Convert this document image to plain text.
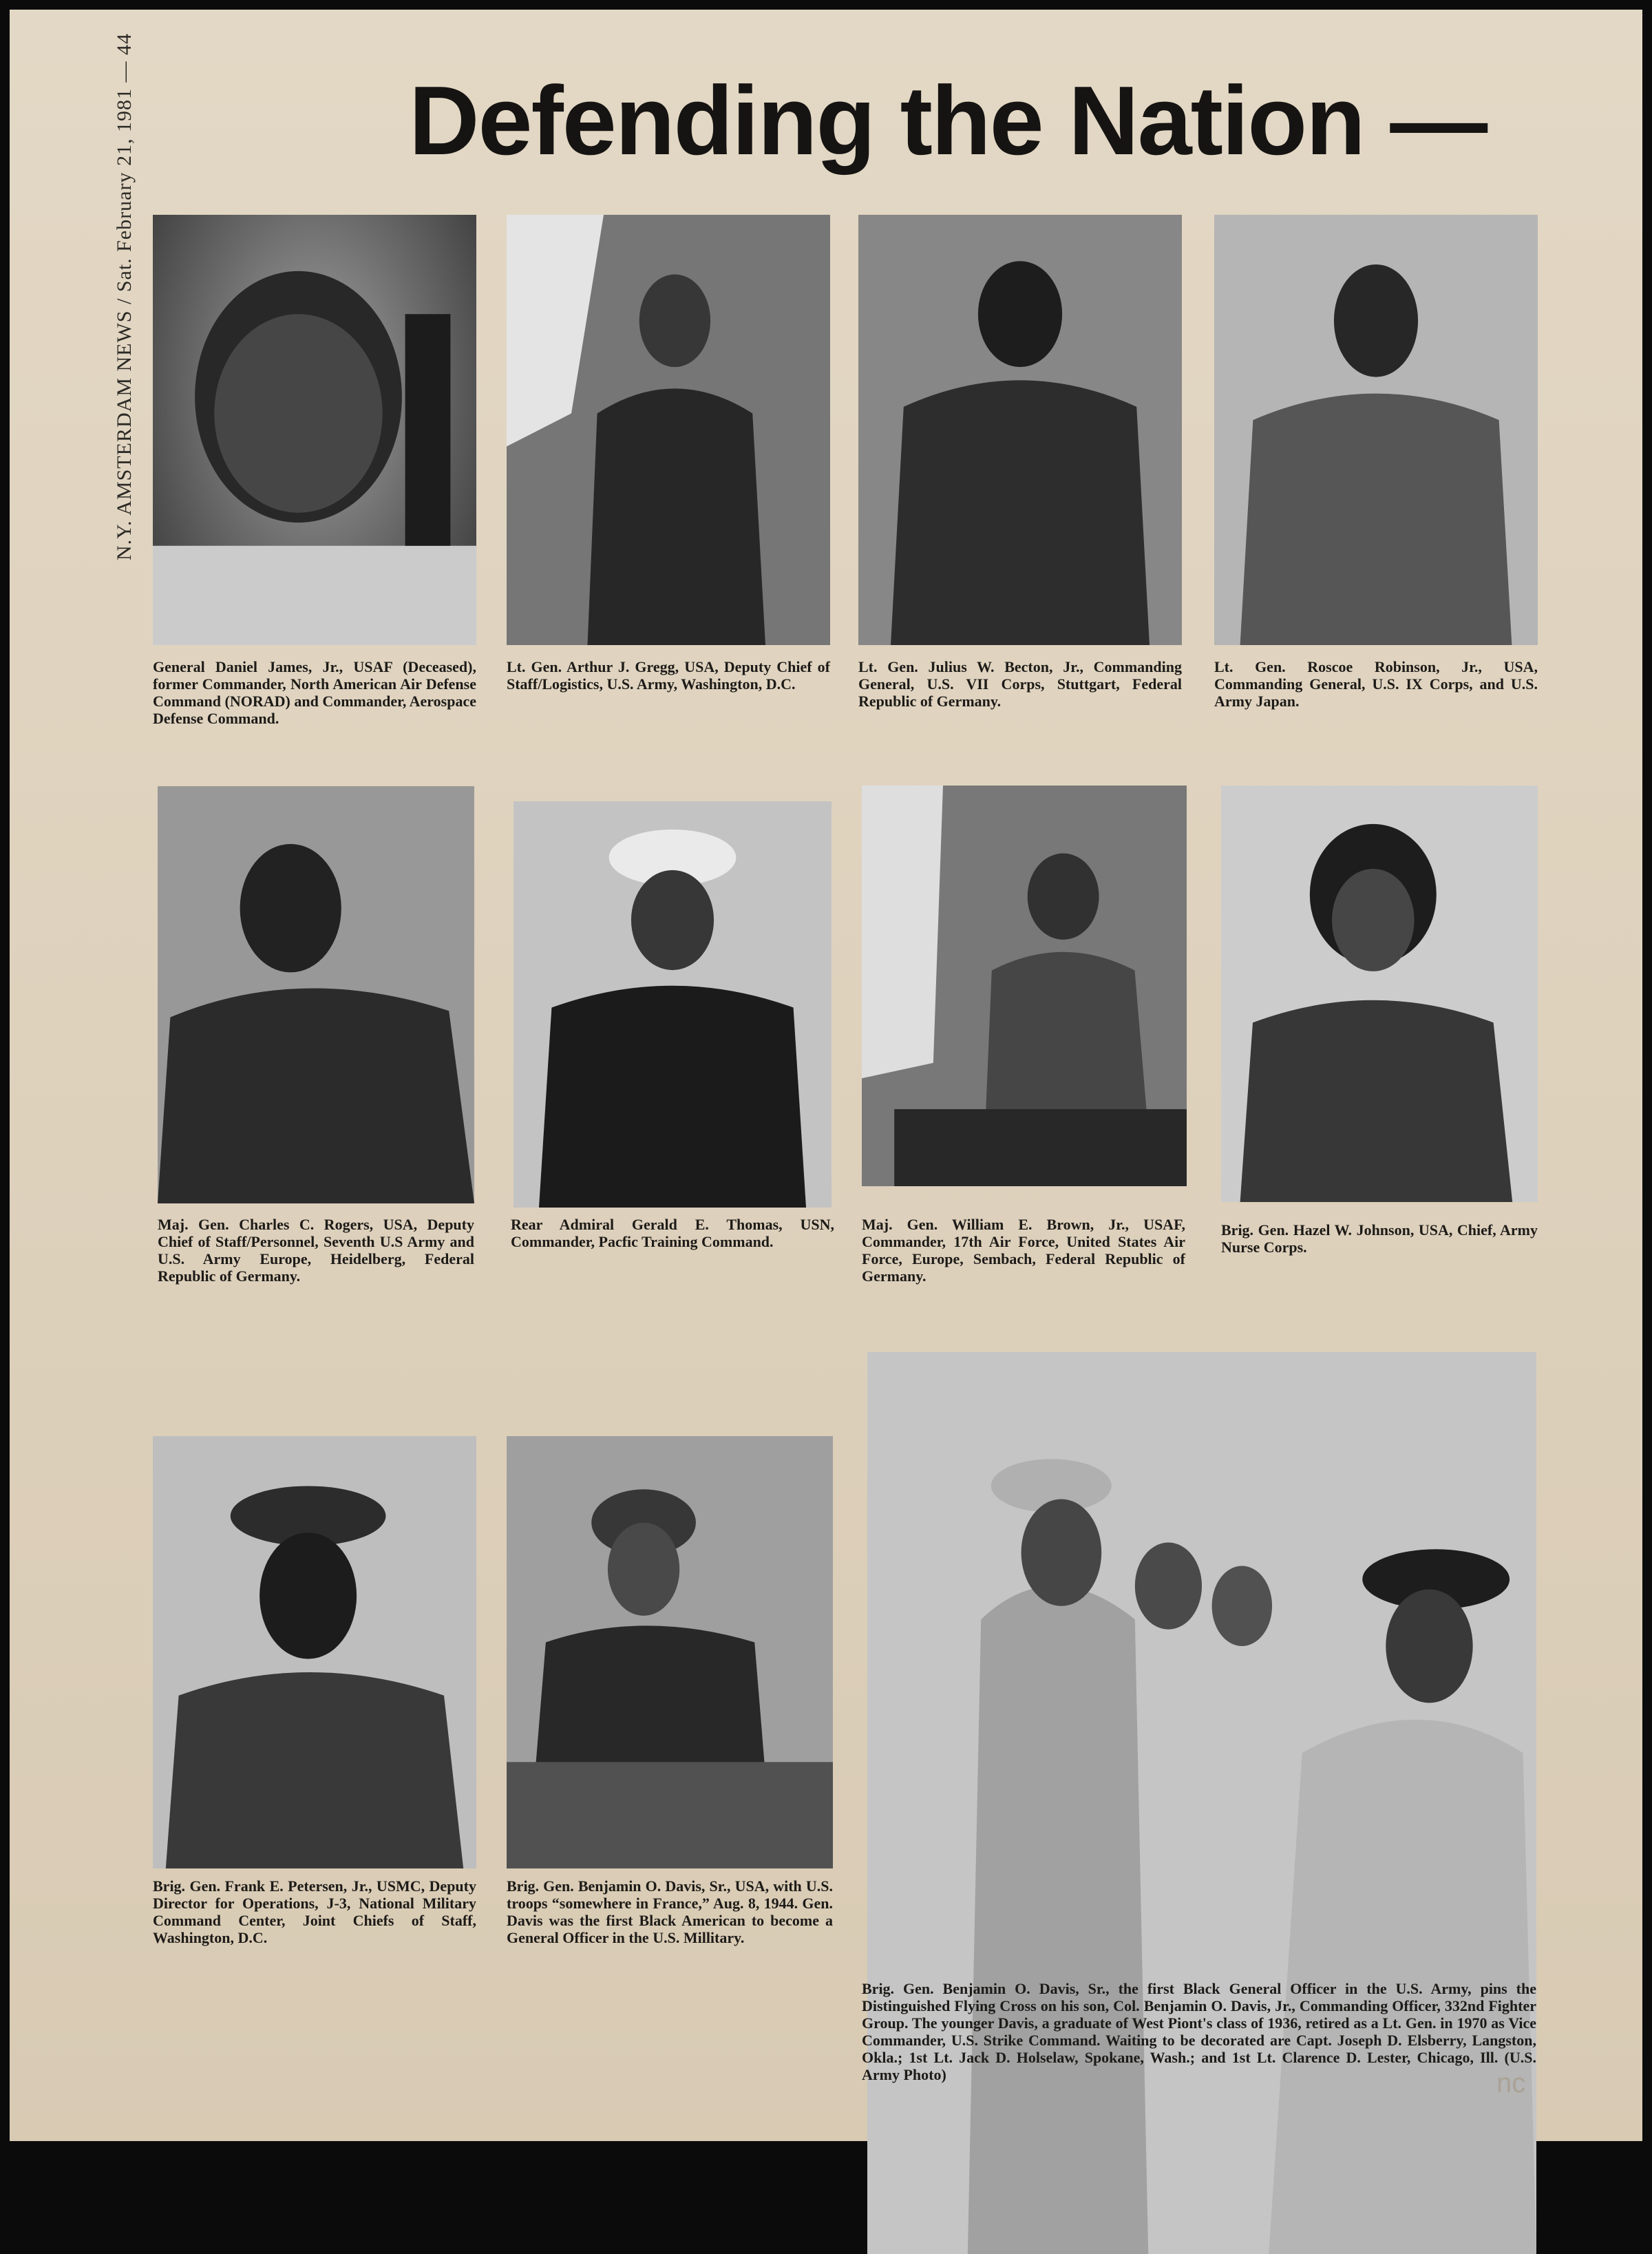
N.Y. AMSTERDAM NEWS / Sat. February 21, 1981 — 44	Defending the Nation —
General Daniel James, Jr., USAF (Deceased), former Commander, North American Air Defense Command (NORAD) and Commander, Aerospace Defense Command.
Lt. Gen. Arthur J. Gregg, USA, Deputy Chief of Staff/Logistics, U.S. Army, Washington, D.C.
Lt. Gen. Julius W. Becton, Jr., Commanding General, U.S. VII Corps, Stuttgart, Federal Republic of Germany.
Lt. Gen. Roscoe Robinson, Jr., USA, Commanding General, U.S. IX Corps, and U.S. Army Japan.
Maj. Gen. Charles C. Rogers, USA, Deputy Chief of Staff/Personnel, Seventh U.S Army and U.S. Army Europe, Heidelberg, Federal Republic of Germany.
Rear Admiral Gerald E. Thomas, USN, Commander, Pacfic Training Command.
Maj. Gen. William E. Brown, Jr., USAF, Commander, 17th Air Force, United States Air Force, Europe, Sembach, Federal Republic of Germany.
Brig. Gen. Hazel W. Johnson, USA, Chief, Army Nurse Corps.
Brig. Gen. Frank E. Petersen, Jr., USMC, Deputy Director for Operations, J-3, National Military Command Center, Joint Chiefs of Staff, Washington, D.C.
Brig. Gen. Benjamin O. Davis, Sr., USA, with U.S. troops “somewhere in France,” Aug. 8, 1944. Gen. Davis was the first Black American to become a General Officer in the U.S. Millitary.
Brig. Gen. Benjamin O. Davis, Sr., the first Black General Officer in the U.S. Army, pins the Distinguished Flying Cross on his son, Col. Benjamin O. Davis, Jr., Commanding Officer, 332nd Fighter Group. The younger Davis, a graduate of West Piont's class of 1936, retired as a Lt. Gen. in 1970 as Vice Commander, U.S. Strike Command. Waiting to be decorated are Capt. Joseph D. Elsberry, Langston, Okla.; 1st Lt. Jack D. Holselaw, Spokane, Wash.; and 1st Lt. Clarence D. Lester, Chicago, Ill. (U.S. Army Photo)	nc
